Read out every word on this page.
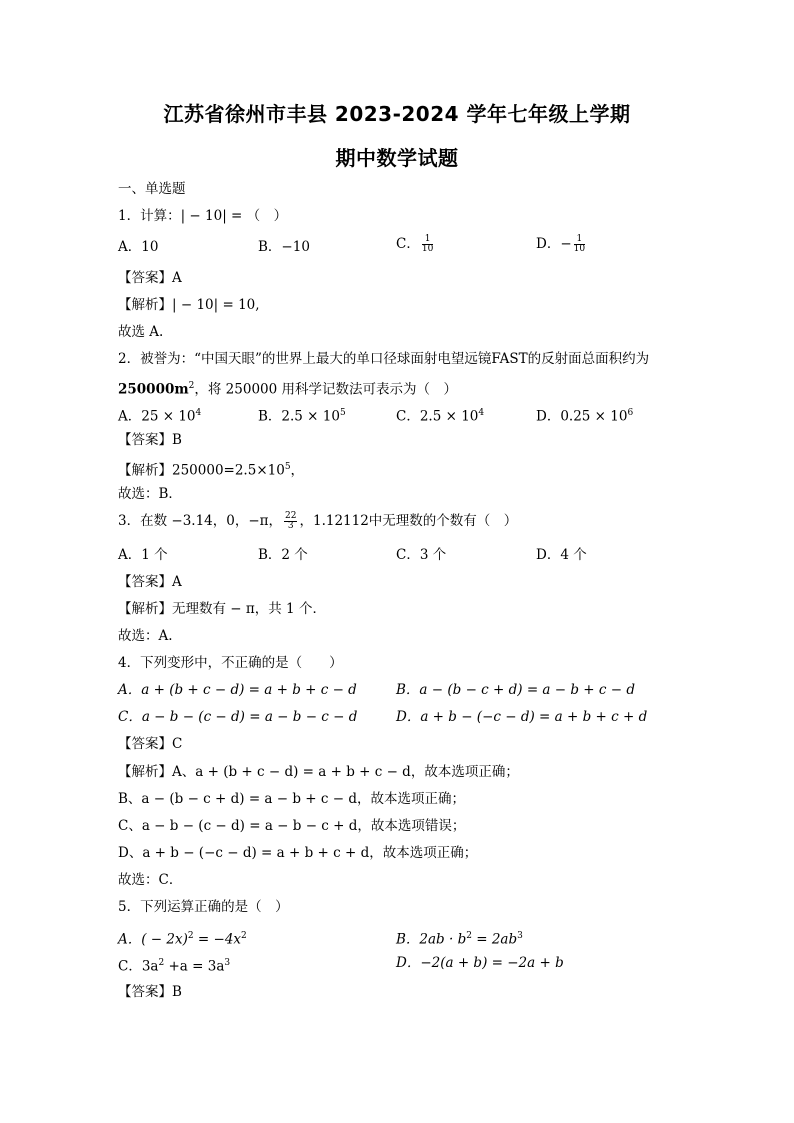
江苏省徐州市丰县 2023-2024 学年七年级上学期
期中数学试题
一、单选题
1．计算：| − 10| = （　）
A．10	B．−10	C． $\frac{1}{10}$	D．− $\frac{1}{10}$
【答案】A
【解析】| − 10| = 10,
故选 A.
2．被誉为：“中国天眼”的世界上最大的单口径球面射电望远镜FAST的反射面总面积约为
$250000m^2$，将 250000 用科学记数法可表示为（　）
A．$25 \times 10^4$	B．$2.5 \times 10^5$	C．$2.5 \times 10^4$	D．$0.25 \times 10^6$
【答案】B
【解析】$250000=2.5\times 10^5$，
故选：B．
3．在数 −3.14，0，−π， $\frac{22}{3}$ ，1.12112中无理数的个数有（　）
A．1 个	B．2 个	C．3 个	D．4 个
【答案】A
【解析】无理数有 − π，共 1 个．
故选：A.
4．下列变形中，不正确的是（　　）
A．a + (b + c − d) = a + b + c − d	B．a − (b − c + d) = a − b + c − d
C．a − b − (c − d) = a − b − c − d	D．a + b − (−c − d) = a + b + c + d
【答案】C
【解析】A、a + (b + c − d) = a + b + c − d，故本选项正确；
B、a − (b − c + d) = a − b + c − d，故本选项正确；
C、a − b − (c − d) = a − b − c + d，故本选项错误；
D、a + b − (−c − d) = a + b + c + d，故本选项正确；
故选：C．
5．下列运算正确的是（　）
A．( − $2x)^2 = -4x^2$	B．$2ab \cdot b^2 = 2ab^3$
C．$3a^2 +a = 3a^3$	D．−2(a + b) = −2a + b
【答案】B
